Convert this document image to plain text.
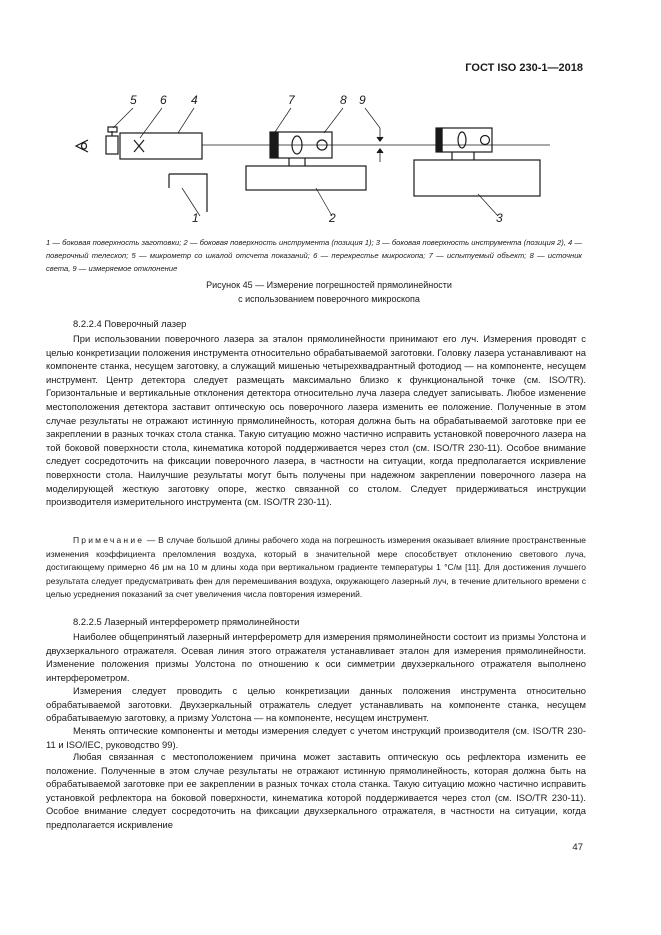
ГОСТ ISO 230-1—2018
5 6 4	7	8 9
1	2	3
1 — боковая поверхность заготовки; 2 — боковая поверхность инструмента (позиция 1); 3 — боковая поверхность инструмента (позиция 2), 4 — поверочный телескоп; 5 — микрометр со шкалой отсчета показаний; 6 — перекрестье микроскопа; 7 — испытуемый объект; 8 — источник света, 9 — измеряемое отклонение
Рисунок 45 — Измерение погрешностей прямолинейности
с использованием поверочного микроскопа
8.2.2.4 Поверочный лазер
При использовании поверочного лазера за эталон прямолинейности принимают его луч. Измерения проводят с целью конкретизации положения инструмента относительно обрабатываемой заготовки. Головку лазера устанавливают на компоненте станка, несущем заготовку, а служащий мишенью четырехквадрантный фотодиод — на компоненте, несущем инструмент. Центр детектора следует размещать максимально близко к функциональной точке (см. ISO/TR). Горизонтальные и вертикальные отклонения детектора относительно луча лазера следует записывать. Любое изменение местоположения детектора заставит оптическую ось поверочного лазера изменить ее положение. Полученные в этом случае результаты не отражают истинную прямолинейность, которая должна быть на обрабатываемой заготовке при ее закреплении в разных точках стола станка. Такую ситуацию можно частично исправить установкой поверочного лазера на той боковой поверхности стола, кинематика которой поддерживается через стол (см. ISO/TR 230-11). Особое внимание следует сосредоточить на фиксации поверочного лазера, в частности на ситуации, когда предполагается искривление поверхности стола. Наилучшие результаты могут быть получены при надежном закреплении поверочного лазера на моделирующей жесткую заготовку опоре, жестко связанной со столом. Следует придерживаться инструкции производителя измерительного инструмента (см. ISO/TR 230-11).
Примечание — В случае большой длины рабочего хода на погрешность измерения оказывает влияние пространственные изменения коэффициента преломления воздуха, который в значительной мере способствует отклонению светового луча, достигающему примерно 46 μм на 10 м длины хода при вертикальном градиенте температуры 1 °С/м [11]. Для достижения лучшего результата следует предусматривать фен для перемешивания воздуха, окружающего лазерный луч, в течение длительного времени с целью усреднения показаний за счет увеличения числа повторения измерений.
8.2.2.5 Лазерный интерферометр прямолинейности
Наиболее общепринятый лазерный интерферометр для измерения прямолинейности состоит из призмы Уолстона и двухзеркального отражателя. Осевая линия этого отражателя устанавливает эталон для измерения прямолинейности. Изменение положения призмы Уолстона по отношению к оси симметрии двухзеркального отражателя выполнено интерферометром.
Измерения следует проводить с целью конкретизации данных положения инструмента относительно обрабатываемой заготовки. Двухзеркальный отражатель следует устанавливать на компоненте станка, несущем обрабатываемую заготовку, а призму Уолстона — на компоненте, несущем инструмент.
Менять оптические компоненты и методы измерения следует с учетом инструкций производителя (см. ISO/TR 230-11 и ISO/IEC, руководство 99).
Любая связанная с местоположением причина может заставить оптическую ось рефлектора изменить ее положение. Полученные в этом случае результаты не отражают истинную прямолинейность, которая должна быть на обрабатываемой заготовке при ее закреплении в разных точках стола станка. Такую ситуацию можно частично исправить установкой рефлектора на боковой поверхности, кинематика которой поддерживается через стол (см. ISO/TR 230-11). Особое внимание следует сосредоточить на фиксации двухзеркального отражателя, в частности на ситуации, когда предполагается искривление
47
